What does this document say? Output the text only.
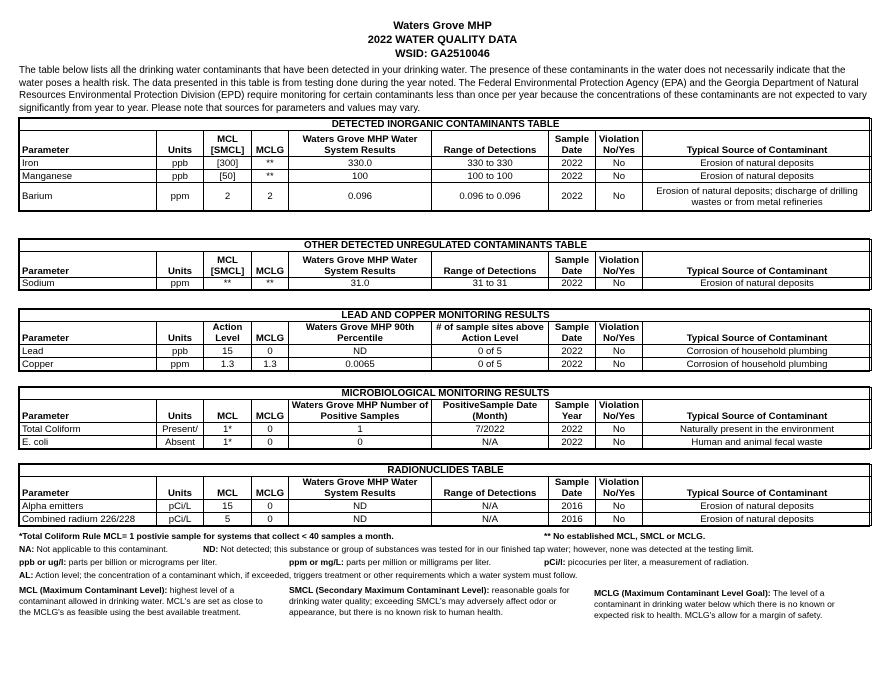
Waters Grove MHP
2022 WATER QUALITY DATA
WSID: GA2510046
The table below lists all the drinking water contaminants that have been detected in your drinking water. The presence of these contaminants in the water does not necessarily indicate that the water poses a health risk. The data presented in this table is from testing done during the year noted. The Federal Environmental Protection Agency (EPA) and the Georgia Department of Natural Resources Environmental Protection Division (EPD) require monitoring for certain contaminants less than once per year because the concentrations of these contaminants are not expected to vary significantly from year to year. Please note that sources for parameters and values may vary.
DETECTED INORGANIC CONTAMINANTS TABLE								
Parameter	Units	MCL [SMCL]	MCLG	Waters Grove MHP Water System Results	Range of Detections	Sample Date	Violation No/Yes	Typical Source of Contaminant
Iron	ppb	[300]	**	330.0	330 to 330	2022	No	Erosion of natural deposits
Manganese	ppb	[50]	**	100	100 to 100	2022	No	Erosion of natural deposits
Barium	ppm	2	2	0.096	0.096 to 0.096	2022	No	Erosion of natural deposits; discharge of drilling wastes or from metal refineries
OTHER DETECTED UNREGULATED CONTAMINANTS TABLE								
Parameter	Units	MCL [SMCL]	MCLG	Waters Grove MHP Water System Results	Range of Detections	Sample Date	Violation No/Yes	Typical Source of Contaminant
Sodium	ppm	**	**	31.0	31 to 31	2022	No	Erosion of natural deposits
LEAD AND COPPER MONITORING RESULTS								
Parameter	Units	Action Level	MCLG	Waters Grove MHP 90th Percentile	# of sample sites above Action Level	Sample Date	Violation No/Yes	Typical Source of Contaminant
Lead	ppb	15	0	ND	0 of 5	2022	No	Corrosion of household plumbing
Copper	ppm	1.3	1.3	0.0065	0 of 5	2022	No	Corrosion of household plumbing
MICROBIOLOGICAL MONITORING RESULTS								
Parameter	Units	MCL	MCLG	Waters Grove MHP Number of Positive Samples	PositiveSample Date (Month)	Sample Year	Violation No/Yes	Typical Source of Contaminant
Total Coliform	Present/	1*	0	1	7/2022	2022	No	Naturally present in the environment
E. coli	Absent	1*	0	0	N/A	2022	No	Human and animal fecal waste
RADIONUCLIDES TABLE								
Parameter	Units	MCL	MCLG	Waters Grove MHP Water System Results	Range of Detections	Sample Date	Violation No/Yes	Typical Source of Contaminant
Alpha emitters	pCi/L	15	0	ND	N/A	2016	No	Erosion of natural deposits
Combined radium 226/228	pCi/L	5	0	ND	N/A	2016	No	Erosion of natural deposits
*Total Coliform Rule MCL= 1 postivie sample for systems that collect < 40 samples a month.	** No established MCL, SMCL or MCLG.
NA: Not applicable to this contaminant.	ND: Not detected; this substance or group of substances was tested for in our finished tap water; however, none was detected at the testing limit.
ppb or ug/l: parts per billion or micrograms per liter.	ppm or mg/L: parts per million or milligrams per liter.	pCi/l: picocuries per liter, a measurement of radiation.
AL: Action level; the concentration of a contaminant which, if exceeded, triggers treatment or other requirements which a water system must follow.
MCL (Maximum Contaminant Level): highest level of a contaminant allowed in drinking water. MCL's are set as close to the MCLG's as feasible using the best available treatment.
SMCL (Secondary Maximum Contaminant Level): reasonable goals for drinking water quality; exceeding SMCL's may adversely affect odor or appearance, but there is no known risk to human health.
MCLG (Maximum Contaminant Level Goal): The level of a contaminant in drinking water below which there is no known or expected risk to health. MCLG's allow for a margin of safety.
